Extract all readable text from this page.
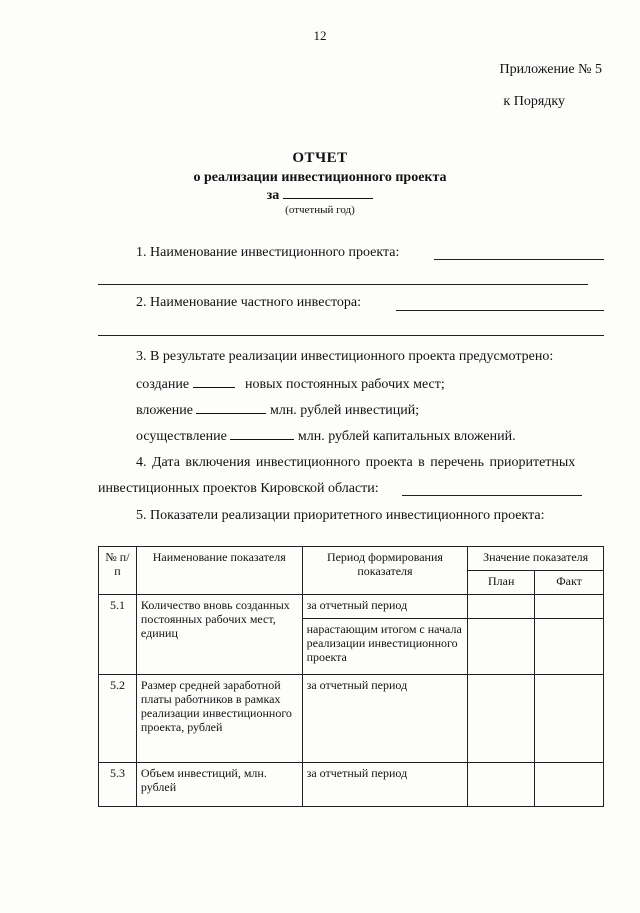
12
Приложение № 5
к Порядку
ОТЧЕТ
о реализации инвестиционного проекта
за
(отчетный год)
1. Наименование инвестиционного проекта:
2. Наименование частного инвестора:
3. В результате реализации инвестиционного проекта предусмотрено:
создание	новых постоянных рабочих мест;
вложение	млн. рублей инвестиций;
осуществление	млн. рублей капитальных вложений.
4. Дата включения инвестиционного проекта в перечень приоритетных
инвестиционных проектов Кировской области:
5. Показатели реализации приоритетного инвестиционного проекта:
№ п/п	Наименование показателя	Период формирования показателя	Значение показателя	
			План	Факт
5.1	Количество вновь созданных постоянных рабочих мест, единиц	за отчетный период		
		нарастающим итогом с начала реализации инвестиционного проекта		
5.2	Размер средней заработной платы работников в рамках реализации инвестиционного проекта, рублей	за отчетный период		
5.3	Объем инвестиций, млн. рублей	за отчетный период		
